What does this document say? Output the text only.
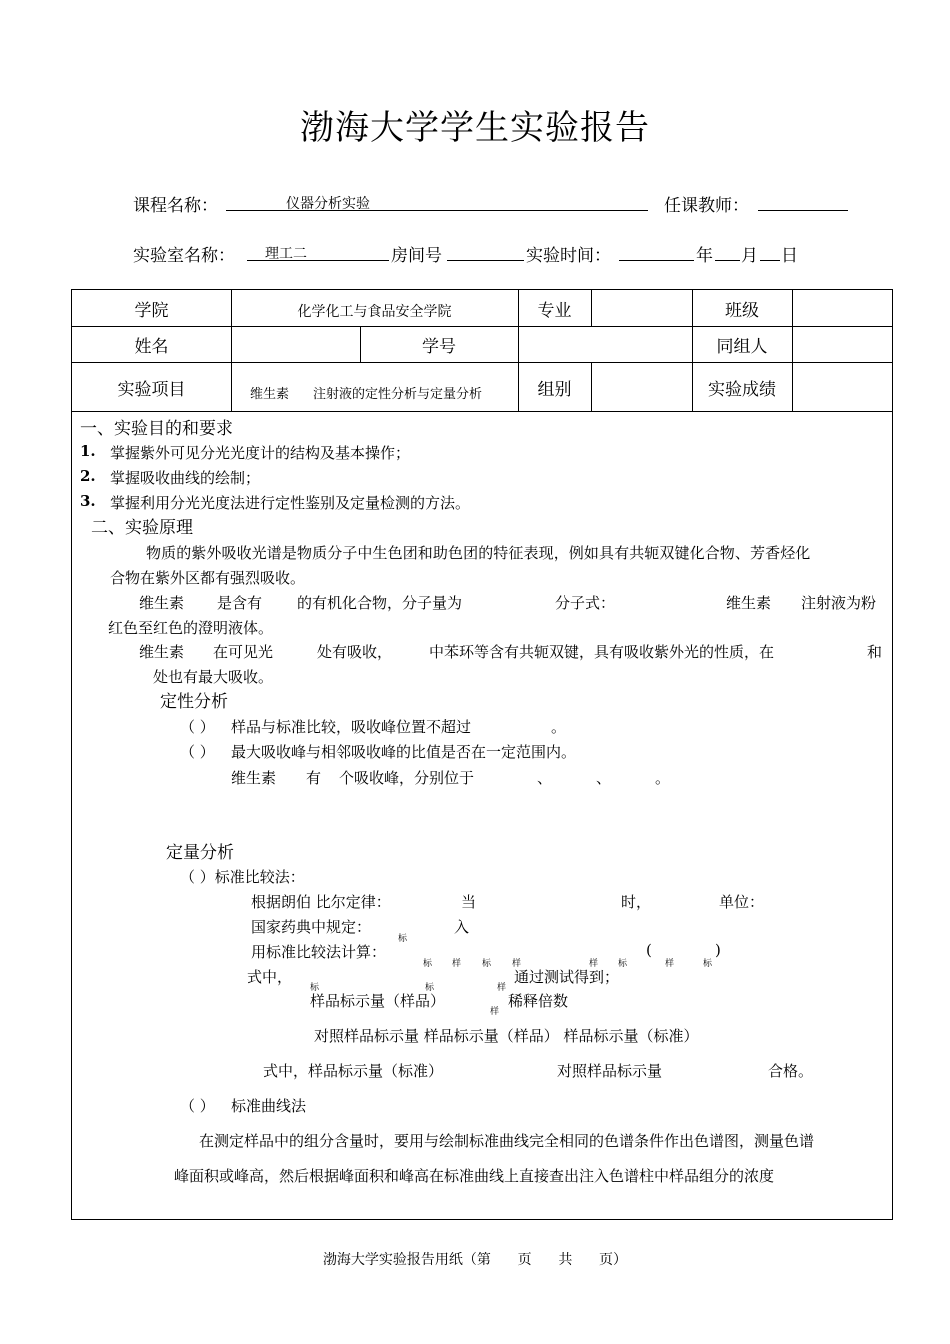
渤海大学学生实验报告
课程名称：	仪器分析实验	任课教师：
实验室名称： 理工二	房间号	实验时间：	年 月 日
学院	化学化工与食品安全学院	专业	班级
姓名	学号	同组人
实验项目	维生素 注射液的定性分析与定量分析	组别	实验成绩
一、实验目的和要求
1. 掌握紫外可见分光光度计的结构及基本操作；
2. 掌握吸收曲线的绘制；
3. 掌握利用分光光度法进行定性鉴别及定量检测的方法。
二、实验原理
物质的紫外吸收光谱是物质分子中生色团和助色团的特征表现，例如具有共轭双键化合物、芳香烃化
合物在紫外区都有强烈吸收。
维生素 是含有 的有机化合物，分子量为	分子式：	维生素 注射液为粉
红色至红色的澄明液体。
维生素 在可见光	处有吸收， 中苯环等含有共轭双键，具有吸收紫外光的性质，在	和
处也有最大吸收。
定性分析
（ ） 样品与标准比较，吸收峰位置不超过	。
（ ） 最大吸收峰与相邻吸收峰的比值是否在一定范围内。
维生素 有 个吸收峰，分别位于	、	、	。
定量分析
（ ）标准比较法：
根据朗伯 比尔定律：	当	时，	单位：
国家药典中规定：	入
标
用标准比较法计算：	(	)
标 样 标 样	样 标	样	标
式中，	通过测试得到；
标	标	样
样品标示量（样品）
样
稀释倍数
对照样品标示量 样品标示量（样品） 样品标示量（标准）
式中，样品标示量（标准）	对照样品标示量	合格。
（ ） 标准曲线法
在测定样品中的组分含量时，要用与绘制标准曲线完全相同的色谱条件作出色谱图，测量色谱
峰面积或峰高，然后根据峰面积和峰高在标准曲线上直接查出注入色谱柱中样品组分的浓度
渤海大学实验报告用纸（第      页      共      页）
